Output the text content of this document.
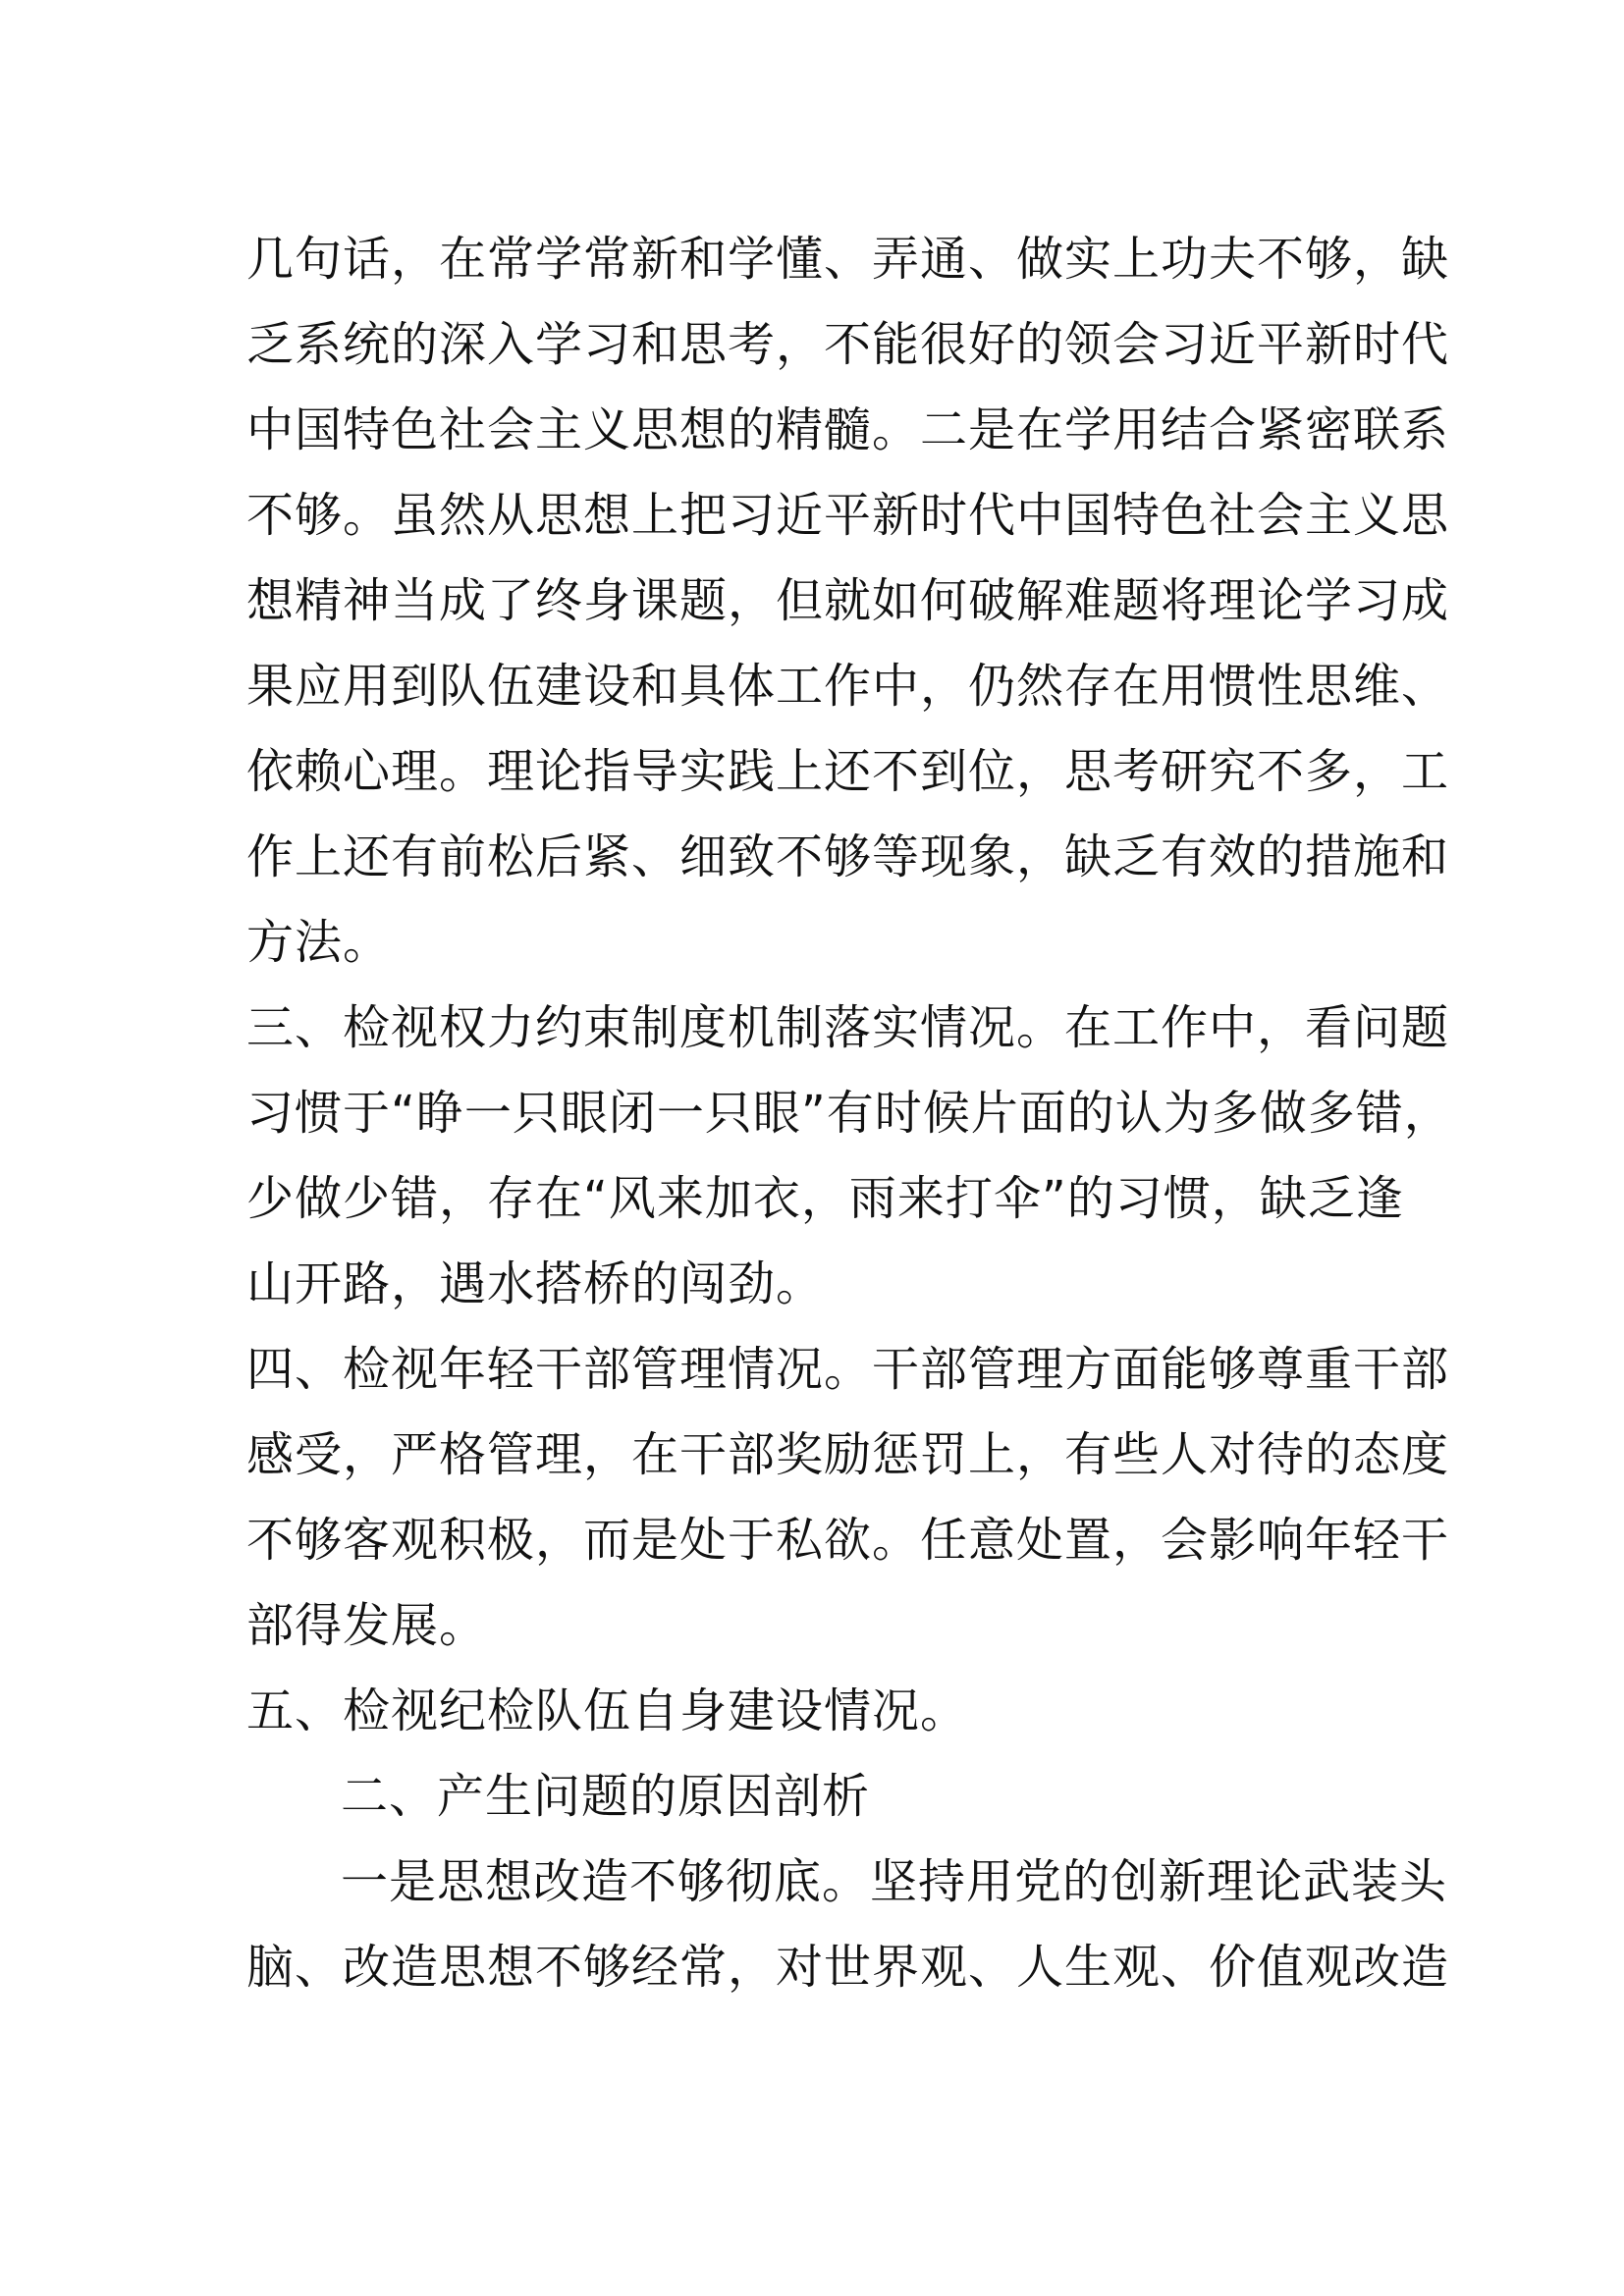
几句话，在常学常新和学懂、弄通、做实上功夫不够，缺
乏系统的深入学习和思考，不能很好的领会习近平新时代
中国特色社会主义思想的精髓。二是在学用结合紧密联系
不够。虽然从思想上把习近平新时代中国特色社会主义思
想精神当成了终身课题，但就如何破解难题将理论学习成
果应用到队伍建设和具体工作中，仍然存在用惯性思维、
依赖心理。理论指导实践上还不到位，思考研究不多，工
作上还有前松后紧、细致不够等现象，缺乏有效的措施和
方法。
三、检视权力约束制度机制落实情况。在工作中，看问题
习惯于“睁一只眼闭一只眼”有时候片面的认为多做多错，
少做少错，存在“风来加衣，雨来打伞”的习惯，缺乏逢
山开路，遇水搭桥的闯劲。
四、检视年轻干部管理情况。干部管理方面能够尊重干部
感受，严格管理，在干部奖励惩罚上，有些人对待的态度
不够客观积极，而是处于私欲。任意处置，会影响年轻干
部得发展。
五、检视纪检队伍自身建设情况。
二、产生问题的原因剖析
一是思想改造不够彻底。坚持用党的创新理论武装头
脑、改造思想不够经常，对世界观、人生观、价值观改造
